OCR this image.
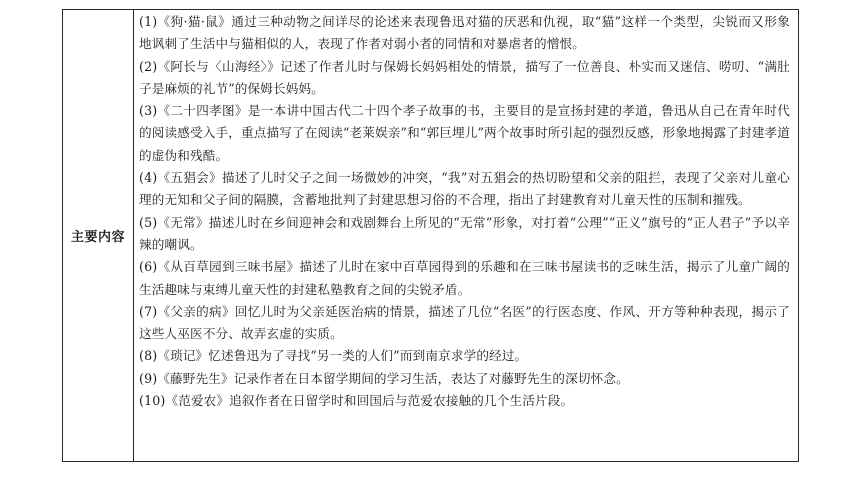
主要内容

(1)《狗·猫·鼠》通过三种动物之间详尽的论述来表现鲁迅对猫的厌恶和仇视，取“猫”这样一个类型，尖锐而又形象地讽刺了生活中与猫相似的人，表现了作者对弱小者的同情和对暴虐者的憎恨。

(2)《阿长与〈山海经〉》记述了作者儿时与保姆长妈妈相处的情景，描写了一位善良、朴实而又迷信、唠叨、“满肚子是麻烦的礼节”的保姆长妈妈。

(3)《二十四孝图》是一本讲中国古代二十四个孝子故事的书，主要目的是宣扬封建的孝道，鲁迅从自己在青年时代的阅读感受入手，重点描写了在阅读“老莱娱亲”和“郭巨埋儿”两个故事时所引起的强烈反感，形象地揭露了封建孝道的虚伪和残酷。

(4)《五猖会》描述了儿时父子之间一场微妙的冲突，“我”对五猖会的热切盼望和父亲的阻拦，表现了父亲对儿童心理的无知和父子间的隔膜，含蓄地批判了封建思想习俗的不合理，指出了封建教育对儿童天性的压制和摧残。

(5)《无常》描述儿时在乡间迎神会和戏剧舞台上所见的“无常”形象，对打着“公理”“正义”旗号的“正人君子”予以辛辣的嘲讽。

(6)《从百草园到三味书屋》描述了儿时在家中百草园得到的乐趣和在三味书屋读书的乏味生活，揭示了儿童广阔的生活趣味与束缚儿童天性的封建私塾教育之间的尖锐矛盾。

(7)《父亲的病》回忆儿时为父亲延医治病的情景，描述了几位“名医”的行医态度、作风、开方等种种表现，揭示了这些人巫医不分、故弄玄虚的实质。

(8)《琐记》忆述鲁迅为了寻找“另一类的人们”而到南京求学的经过。

(9)《藤野先生》记录作者在日本留学期间的学习生活，表达了对藤野先生的深切怀念。

(10)《范爱农》追叙作者在日留学时和回国后与范爱农接触的几个生活片段。
